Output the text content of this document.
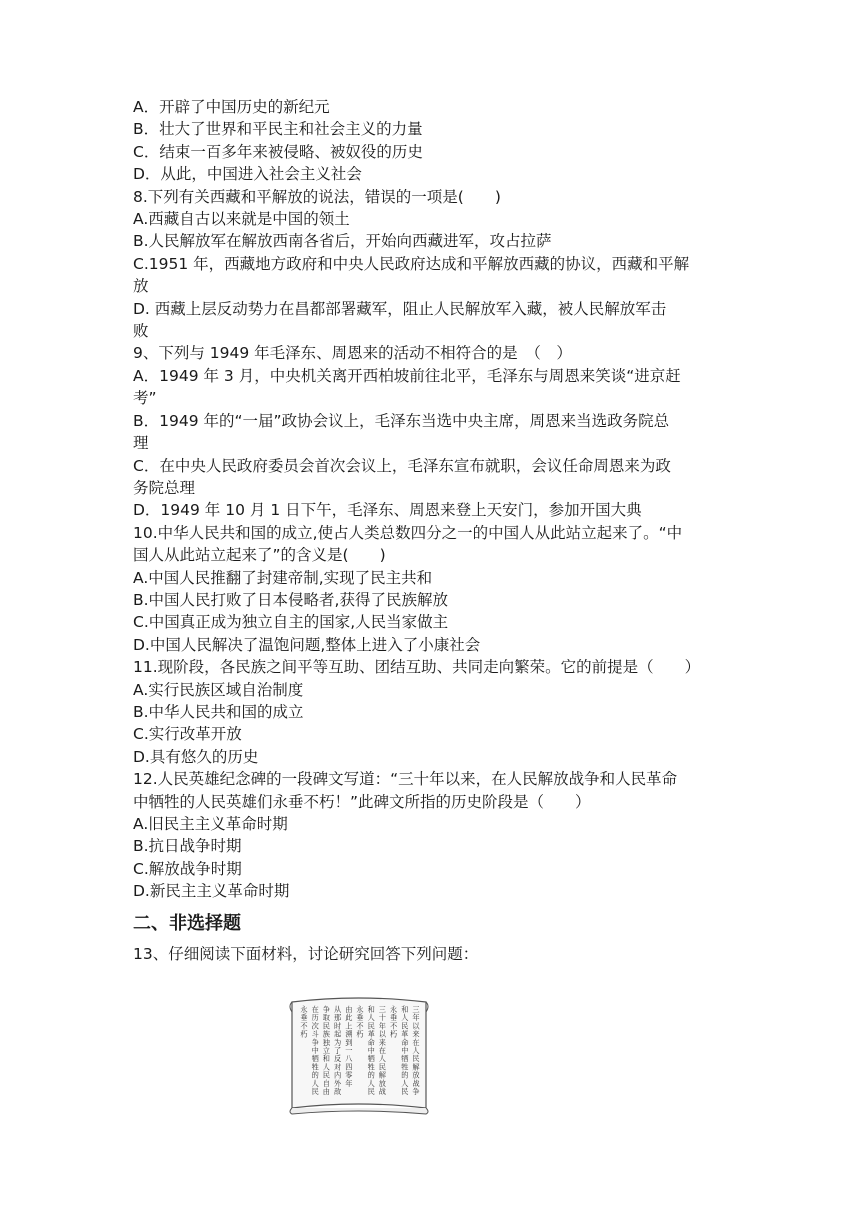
A．开辟了中国历史的新纪元
B．壮大了世界和平民主和社会主义的力量
C．结束一百多年来被侵略、被奴役的历史
D．从此，中国进入社会主义社会
8.下列有关西藏和平解放的说法，错误的一项是(　　)
A.西藏自古以来就是中国的领土
B.人民解放军在解放西南各省后，开始向西藏进军，攻占拉萨
C.1951 年，西藏地方政府和中央人民政府达成和平解放西藏的协议，西藏和平解
放
D. 西藏上层反动势力在昌都部署藏军，阻止人民解放军入藏，被人民解放军击
败
9、下列与 1949 年毛泽东、周恩来的活动不相符合的是　（　）
A．1949 年 3 月，中央机关离开西柏坡前往北平，毛泽东与周恩来笑谈“进京赶
考”
B．1949 年的“一届”政协会议上，毛泽东当选中央主席，周恩来当选政务院总
理
C．在中央人民政府委员会首次会议上，毛泽东宣布就职，会议任命周恩来为政
务院总理
D．1949 年 10 月 1 日下午，毛泽东、周恩来登上天安门，参加开国大典
10.中华人民共和国的成立,使占人类总数四分之一的中国人从此站立起来了。“中
国人从此站立起来了”的含义是(　　)
A.中国人民推翻了封建帝制,实现了民主共和
B.中国人民打败了日本侵略者,获得了民族解放
C.中国真正成为独立自主的国家,人民当家做主
D.中国人民解决了温饱问题,整体上进入了小康社会
11.现阶段，各民族之间平等互助、团结互助、共同走向繁荣。它的前提是（　　）
A.实行民族区域自治制度
B.中华人民共和国的成立
C.实行改革开放
D.具有悠久的历史
12.人民英雄纪念碑的一段碑文写道：“三十年以来，在人民解放战争和人民革命
中牺牲的人民英雄们永垂不朽！”此碑文所指的历史阶段是（　　）
A.旧民主主义革命时期
B.抗日战争时期
C.解放战争时期
D.新民主主义革命时期
二、非选择题
13、仔细阅读下面材料，讨论研究回答下列问题：
三
年
以
来
在
人
民
解
放
战
争
和
人
民
革
命
中
牺
牲
的
人
民
永
垂
不
朽
三
十
年
以
来
在
人
民
解
放
战
和
人
民
革
命
中
牺
牲
的
人
民
永
垂
不
朽
由
此
上
溯
到
一
八
四
零
年
从
那
时
起
为
了
反
对
内
外
敌
争
取
民
族
独
立
和
人
民
自
由
在
历
次
斗
争
中
牺
牲
的
人
民
永
垂
不
朽
